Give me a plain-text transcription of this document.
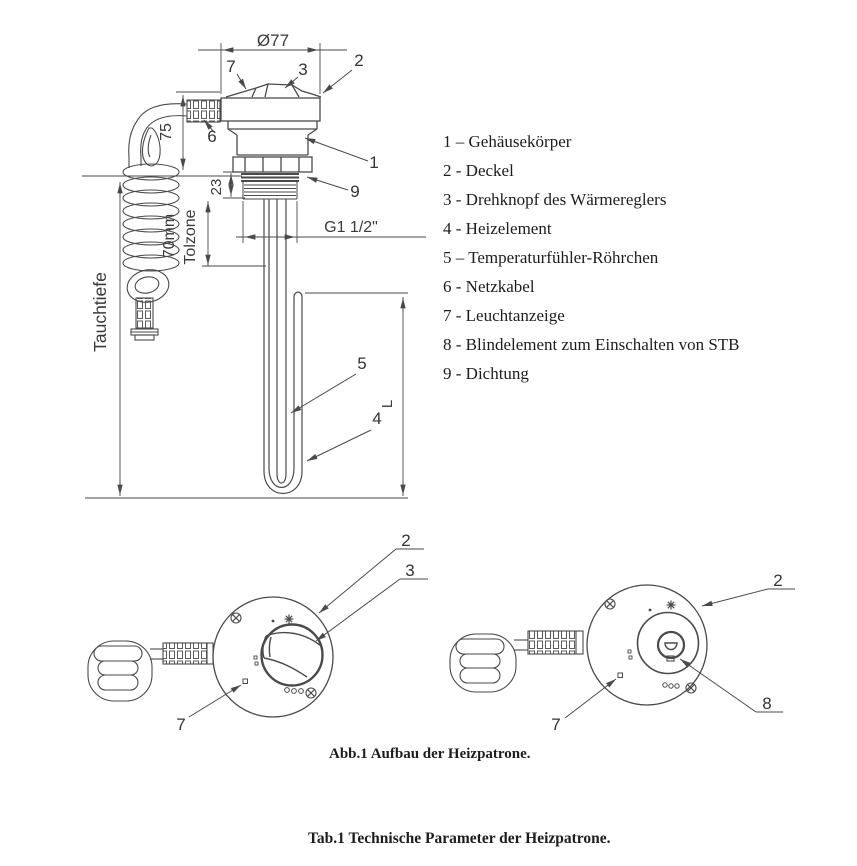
Ø77
75
23
70mm Tolzone	G1 1/2"
Tauchtiefe
L
7	3	2
1
9
6
5
4
2
3
7
2
8
7
1 – Gehäusekörper
2 - Deckel
3 - Drehknopf des Wärmereglers
4 - Heizelement
5 – Temperaturfühler-Röhrchen
6 - Netzkabel
7 - Leuchtanzeige
8 - Blindelement zum Einschalten von STB
9 - Dichtung
Abb.1 Aufbau der Heizpatrone.
Tab.1 Technische Parameter der Heizpatrone.
